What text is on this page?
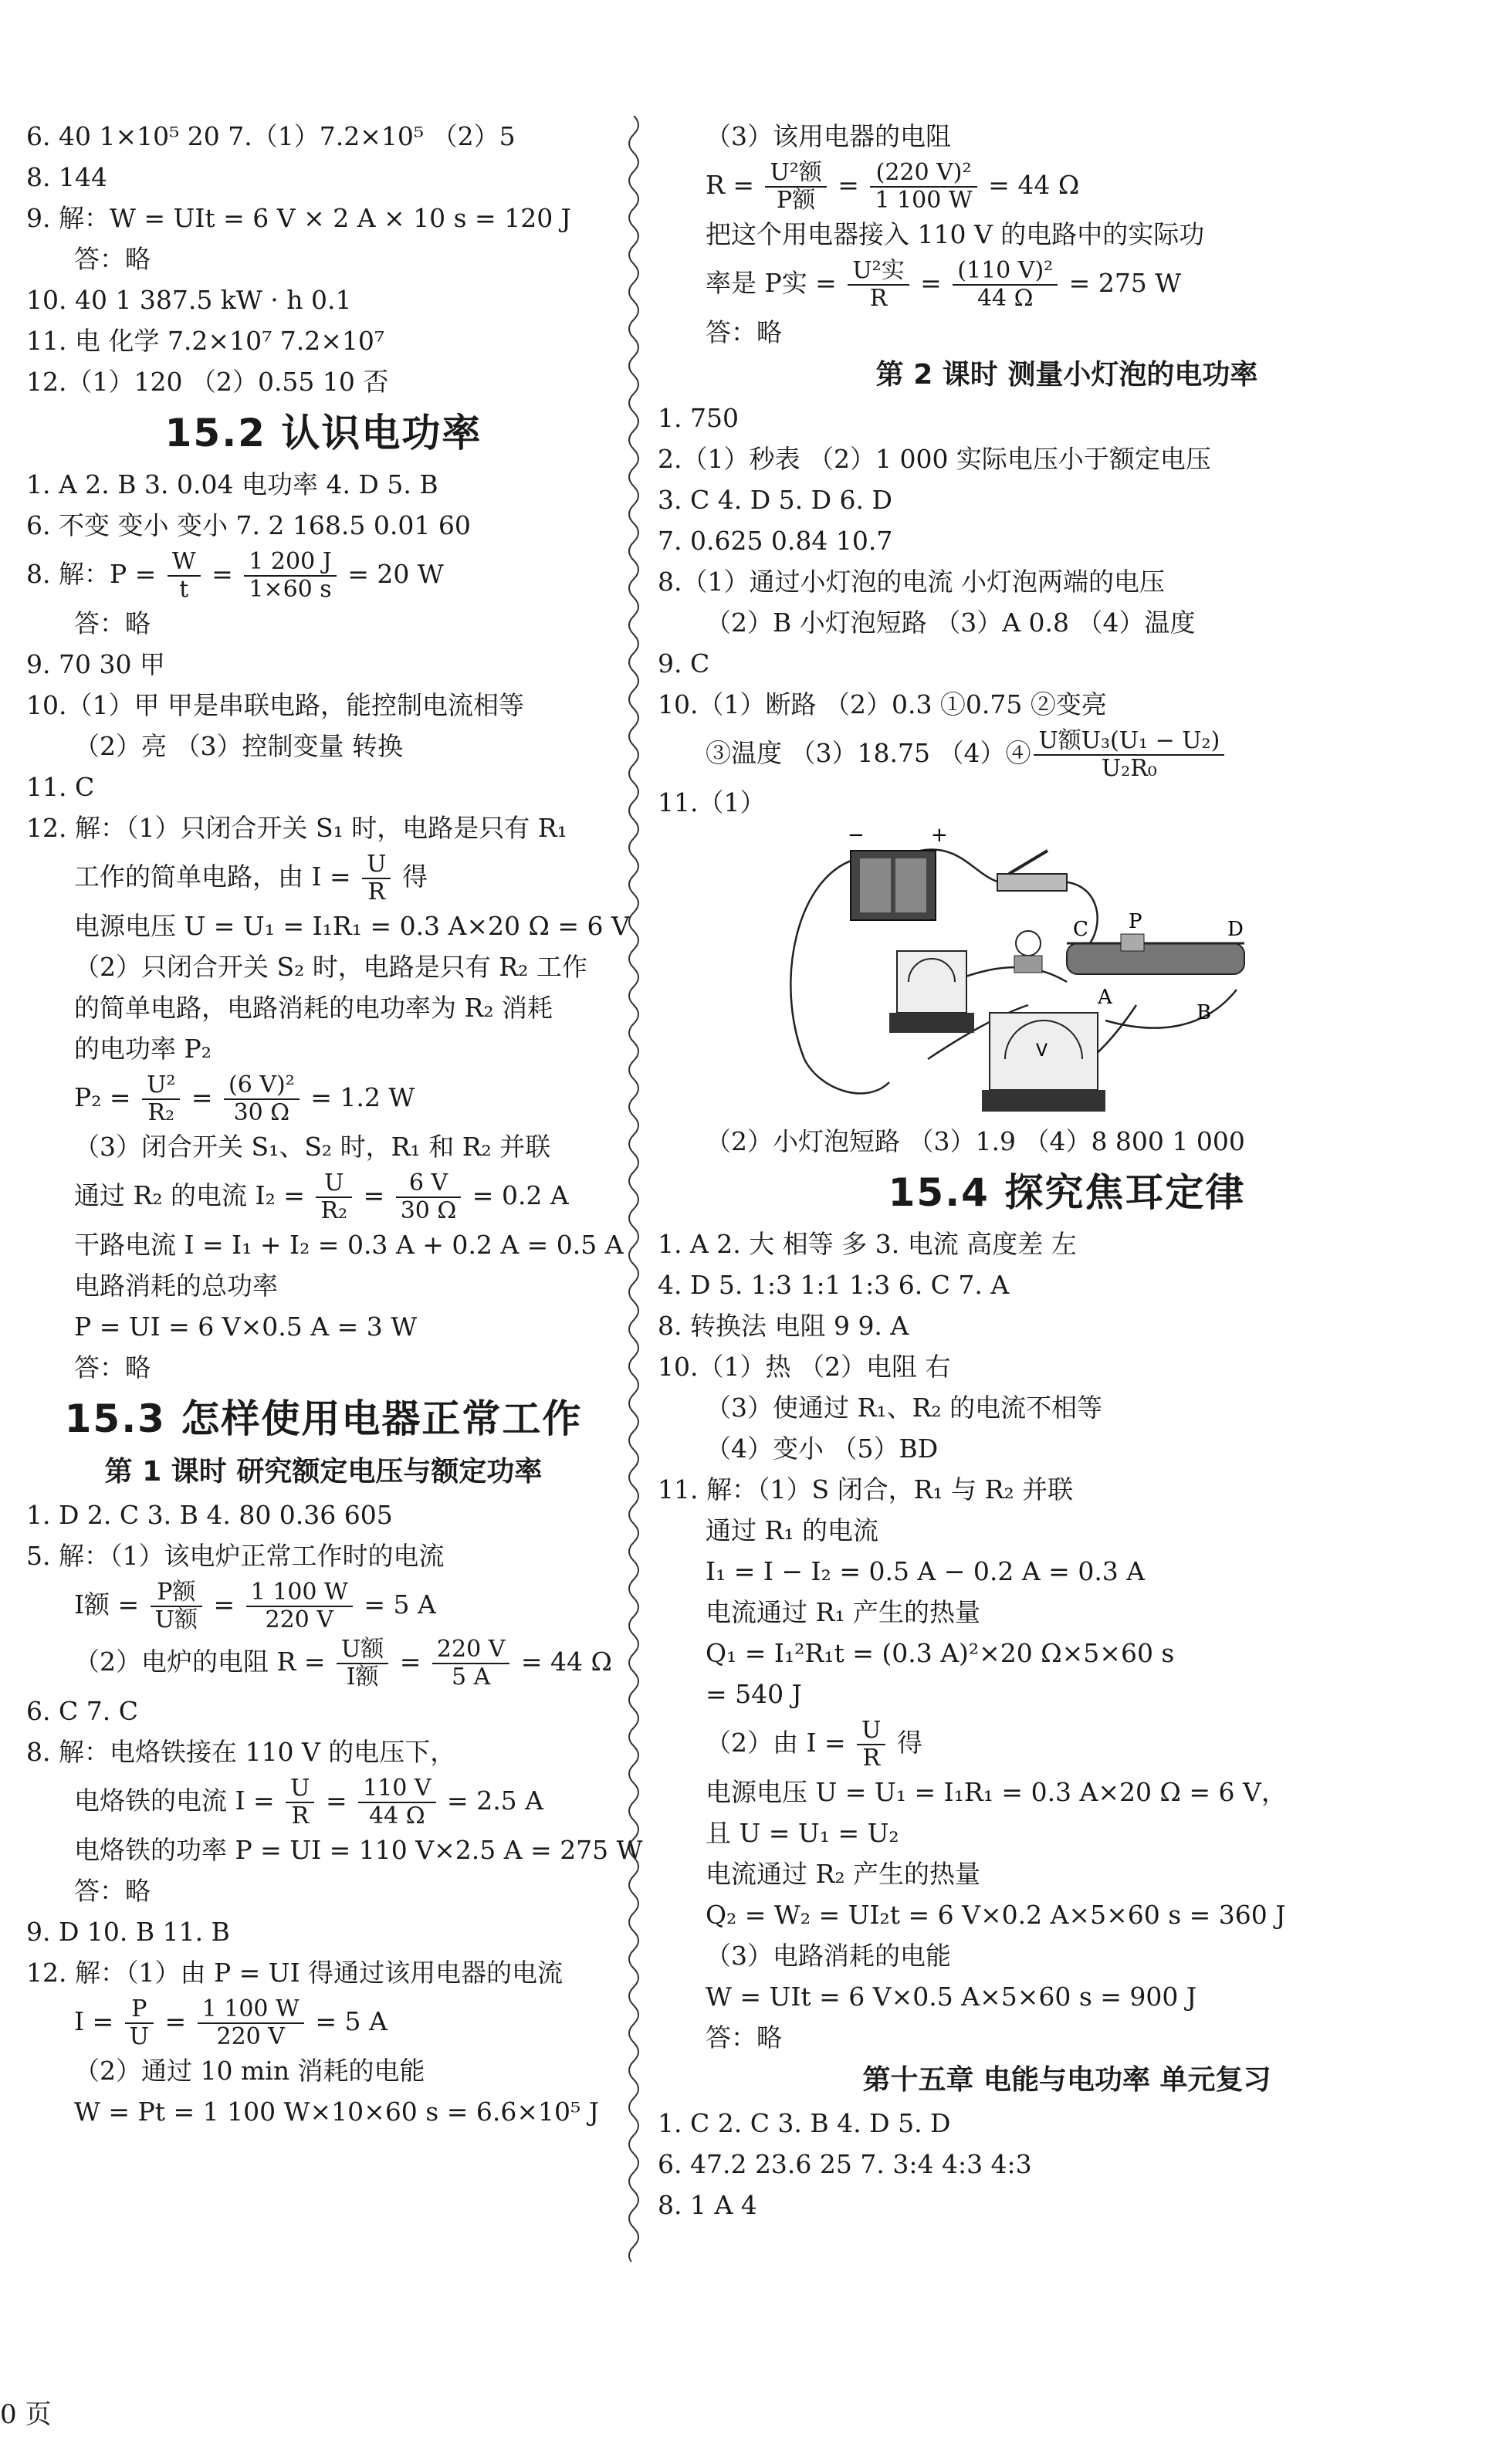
6. 40 1×10⁵ 20 7.（1）7.2×10⁵ （2）5
8. 144
9. 解：W = UIt = 6 V × 2 A × 10 s = 120 J
答：略
10. 40 1 387.5 kW · h 0.1
11. 电 化学 7.2×10⁷ 7.2×10⁷
12.（1）120 （2）0.55 10 否
15.2 认识电功率
1. A 2. B 3. 0.04 电功率 4. D 5. B
6. 不变 变小 变小 7. 2 168.5 0.01 60
8. 解：$P = \frac{W}{t} = \frac{1 200 J}{1\times 60 s} = 20$ W
答：略
9. 70 30 甲
10.（1）甲 甲是串联电路，能控制电流相等
（2）亮 （3）控制变量 转换
11. C
12. 解：（1）只闭合开关 S₁ 时，电路是只有 R₁
工作的简单电路，由 $I = \frac{U}{R}$ 得
电源电压 U = U₁ = I₁R₁ = 0.3 A×20 Ω = 6 V
（2）只闭合开关 S₂ 时，电路是只有 R₂ 工作
的简单电路，电路消耗的电功率为 R₂ 消耗
的电功率 P₂
$P_2 = \frac{\text{U²}}{\text{R₂}} = \frac{\text{(6 V)²}}{30 \Omega} = 1.2$ W
（3）闭合开关 S₁、S₂ 时，R₁ 和 R₂ 并联
通过 R₂ 的电流 $I_2 = \frac{U}{\text{R₂}} = \frac{6 V}{30 \Omega} = 0.2$ A
干路电流 I = I₁ + I₂ = 0.3 A + 0.2 A = 0.5 A
电路消耗的总功率
P = UI = 6 V×0.5 A = 3 W
答：略
15.3 怎样使用电器正常工作
第 1 课时 研究额定电压与额定功率
1. D 2. C 3. B 4. 80 0.36 605
5. 解：（1）该电炉正常工作时的电流
I额 = $\frac{\text{P额}}{\text{U额}} = \frac{1 100 W}{220 V} = 5$ A
（2）电炉的电阻 $R = \frac{\text{U额}}{\text{I额}} = \frac{220 V}{5 A} = 44$ Ω
6. C 7. C
8. 解：电烙铁接在 110 V 的电压下，
电烙铁的电流 $I = \frac{U}{R} = \frac{110 V}{44 \Omega} = 2.5$ A
电烙铁的功率 P = UI = 110 V×2.5 A = 275 W
答：略
9. D 10. B 11. B
12. 解：（1）由 P = UI 得通过该用电器的电流
$I = \frac{P}{U} = \frac{1 100 W}{220 V} = 5$ A
（2）通过 10 min 消耗的电能
W = Pt = 1 100 W×10×60 s = 6.6×10⁵ J
（3）该用电器的电阻
$R = \frac{\text{U²额}}{\text{P额}} = \frac{\text{(220 V)²}}{1 100 W} = 44$ Ω
把这个用电器接入 110 V 的电路中的实际功
率是 P实 = $\frac{\text{U²实}}{R} = \frac{\text{(110 V)²}}{44 \Omega} = 275$ W
答：略
第 2 课时 测量小灯泡的电功率
1. 750
2.（1）秒表 （2）1 000 实际电压小于额定电压
3. C 4. D 5. D 6. D
7. 0.625 0.84 10.7
8.（1）通过小灯泡的电流 小灯泡两端的电压
（2）B 小灯泡短路 （3）A 0.8 （4）温度
9. C
10.（1）断路 （2）0.3 ①0.75 ②变亮
③温度 （3）18.75 （4）④ $\frac{\text{U额U₃(U₁ − U₂)}}{\text{U₂R₀}}$
11.（1）
−	+
C P	D
A
B
V
（2）小灯泡短路 （3）1.9 （4）8 800 1 000
15.4 探究焦耳定律
1. A 2. 大 相等 多 3. 电流 高度差 左
4. D 5. 1:3 1:1 1:3 6. C 7. A
8. 转换法 电阻 9 9. A
10.（1）热 （2）电阻 右
（3）使通过 R₁、R₂ 的电流不相等
（4）变小 （5）BD
11. 解：（1）S 闭合，R₁ 与 R₂ 并联
通过 R₁ 的电流
I₁ = I − I₂ = 0.5 A − 0.2 A = 0.3 A
电流通过 R₁ 产生的热量
Q₁ = I₁²R₁t = (0.3 A)²×20 Ω×5×60 s
= 540 J
（2）由 $I = \frac{U}{R}$ 得
电源电压 U = U₁ = I₁R₁ = 0.3 A×20 Ω = 6 V，
且 U = U₁ = U₂
电流通过 R₂ 产生的热量
Q₂ = W₂ = UI₂t = 6 V×0.2 A×5×60 s = 360 J
（3）电路消耗的电能
W = UIt = 6 V×0.5 A×5×60 s = 900 J
答：略
第十五章 电能与电功率 单元复习
1. C 2. C 3. B 4. D 5. D
6. 47.2 23.6 25 7. 3:4 4:3 4:3
8. 1 A 4
0 页
